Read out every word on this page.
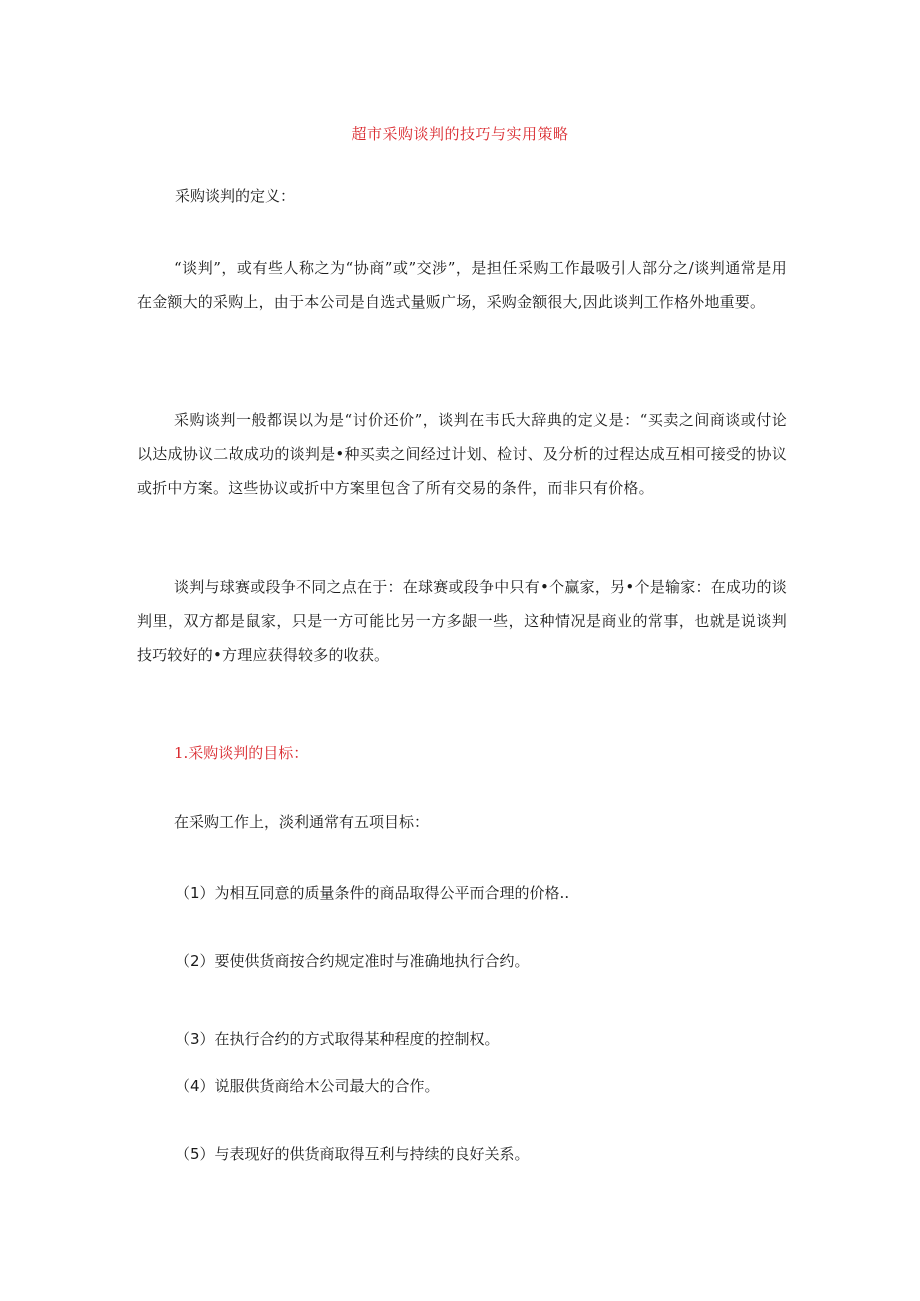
超市采购谈判的技巧与实用策略
采购谈判的定义：
“谈判”，或有些人称之为“协商”或”交涉”，是担任采购工作最吸引人部分之/谈判通常是用在金额大的采购上，由于本公司是自选式量贩广场，采购金额很大,因此谈判工作格外地重要。
采购谈判一般都误以为是“讨价还价”，谈判在韦氏大辞典的定义是：“买卖之间商谈或付论以达成协议二故成功的谈判是•种买卖之间经过计划、检讨、及分析的过程达成互相可接受的协议或折中方案。这些协议或折中方案里包含了所有交易的条件，而非只有价格。
谈判与球赛或段争不同之点在于：在球赛或段争中只有•个赢家，另•个是输家：在成功的谈判里，双方都是鼠家，只是一方可能比另一方多龈一些，这种情况是商业的常事，也就是说谈判技巧较好的•方理应获得较多的收获。
1.采购谈判的目标：
在采购工作上，淡利通常有五项目标：
（1）为相互同意的质量条件的商品取得公平而合理的价格..
（2）要使供货商按合约规定准时与准确地执行合约。
（3）在执行合约的方式取得某种程度的控制权。
（4）说服供货商给木公司最大的合作。
（5）与表现好的供货商取得互利与持续的良好关系。
